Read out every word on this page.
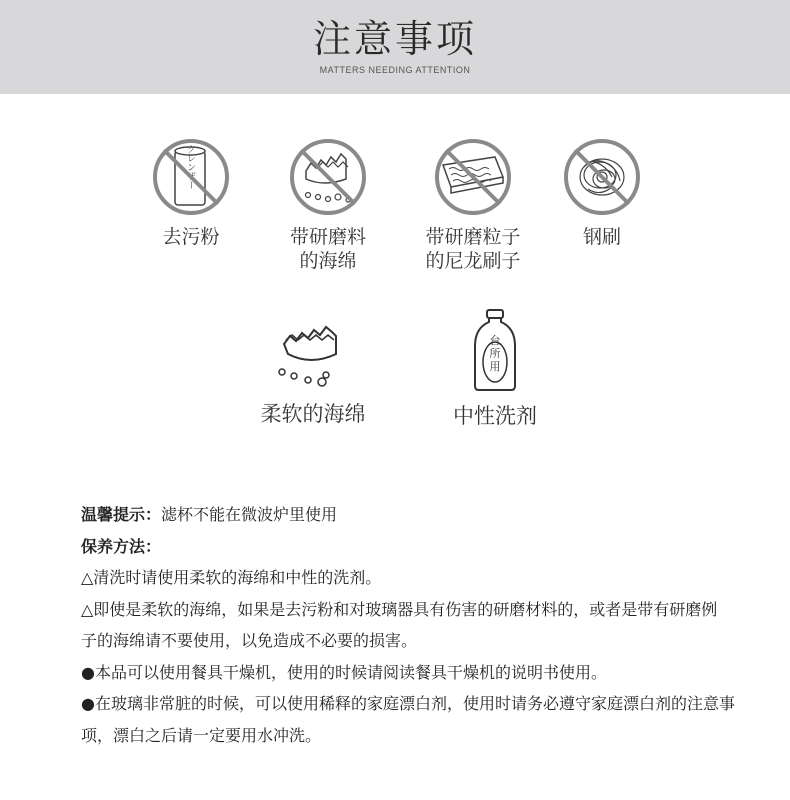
注意事项
MATTERS NEEDING ATTENTION
クレンザー
去污粉	带研磨料
的海绵
带研磨粒子
的尼龙刷子
钢刷
柔软的海绵
台所用
中性洗剂
温馨提示：滤杯不能在微波炉里使用
保养方法：
△清洗时请使用柔软的海绵和中性的洗剂。
△即使是柔软的海绵，如果是去污粉和对玻璃器具有伤害的研磨材料的，或者是带有研磨例子的海绵请不要使用，以免造成不必要的损害。
●本品可以使用餐具干燥机，使用的时候请阅读餐具干燥机的说明书使用。
●在玻璃非常脏的时候，可以使用稀释的家庭漂白剂，使用时请务必遵守家庭漂白剂的注意事项，漂白之后请一定要用水冲洗。
